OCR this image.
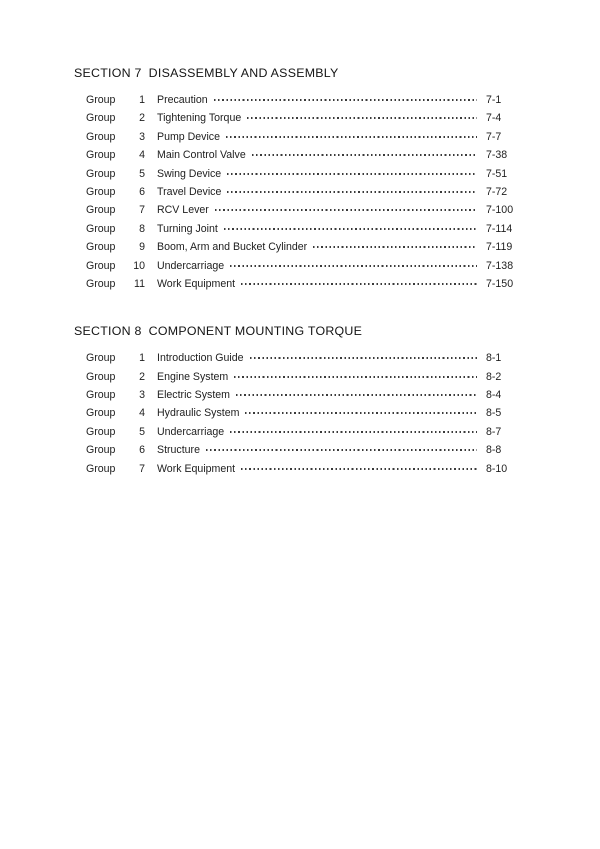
SECTION 7 DISASSEMBLY AND ASSEMBLY
Group	1 Precaution	7-1
Group	2 Tightening Torque	7-4
Group	3 Pump Device	7-7
Group	4 Main Control Valve	7-38
Group	5 Swing Device	7-51
Group	6 Travel Device	7-72
Group	7 RCV Lever	7-100
Group	8 Turning Joint	7-114
Group	9 Boom, Arm and Bucket Cylinder	7-119
Group	10 Undercarriage	7-138
Group	11 Work Equipment	7-150
SECTION 8 COMPONENT MOUNTING TORQUE
Group	1 Introduction Guide	8-1
Group	2 Engine System	8-2
Group	3 Electric System	8-4
Group	4 Hydraulic System	8-5
Group	5 Undercarriage	8-7
Group	6 Structure	8-8
Group	7 Work Equipment	8-10
